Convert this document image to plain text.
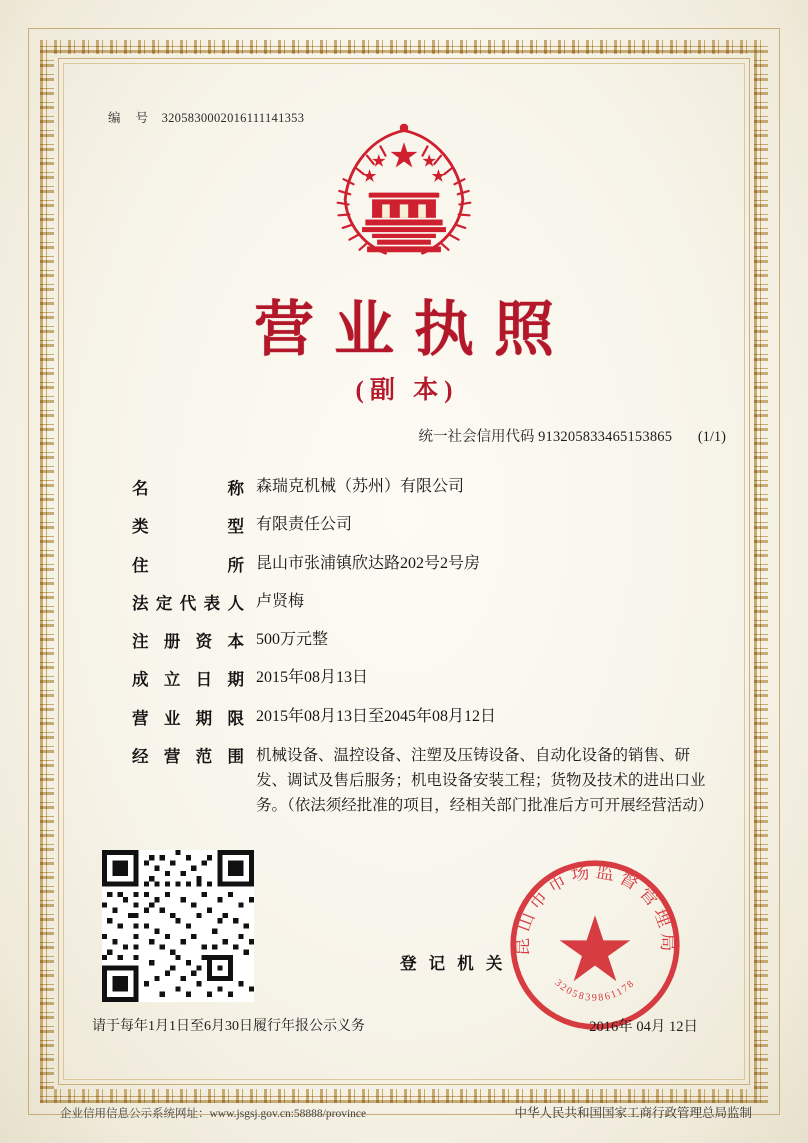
编 号 3205830002016111141353
营业执照
(副 本)
统一社会信用代码 913205833465153865 (1/1)
名	称 森瑞克机械（苏州）有限公司
类	型 有限责任公司
住	所 昆山市张浦镇欣达路202号2号房
法 定 代 表 人 卢贤梅
注 册 资 本 500万元整
成 立 日 期 2015年08月13日
营 业 期 限 2015年08月13日至2045年08月12日
经 营 范 围 机械设备、温控设备、注塑及压铸设备、自动化设备的销售、研发、调试及售后服务；机电设备安装工程；货物及技术的进出口业务。（依法须经批准的项目，经相关部门批准后方可开展经营活动）
登 记 机 关
昆山市市场监督管理局
3205839861178
请于每年1月1日至6月30日履行年报公示义务	2016年 04月 12日
企业信用信息公示系统网址：www.jsgsj.gov.cn:58888/province	中华人民共和国国家工商行政管理总局监制
